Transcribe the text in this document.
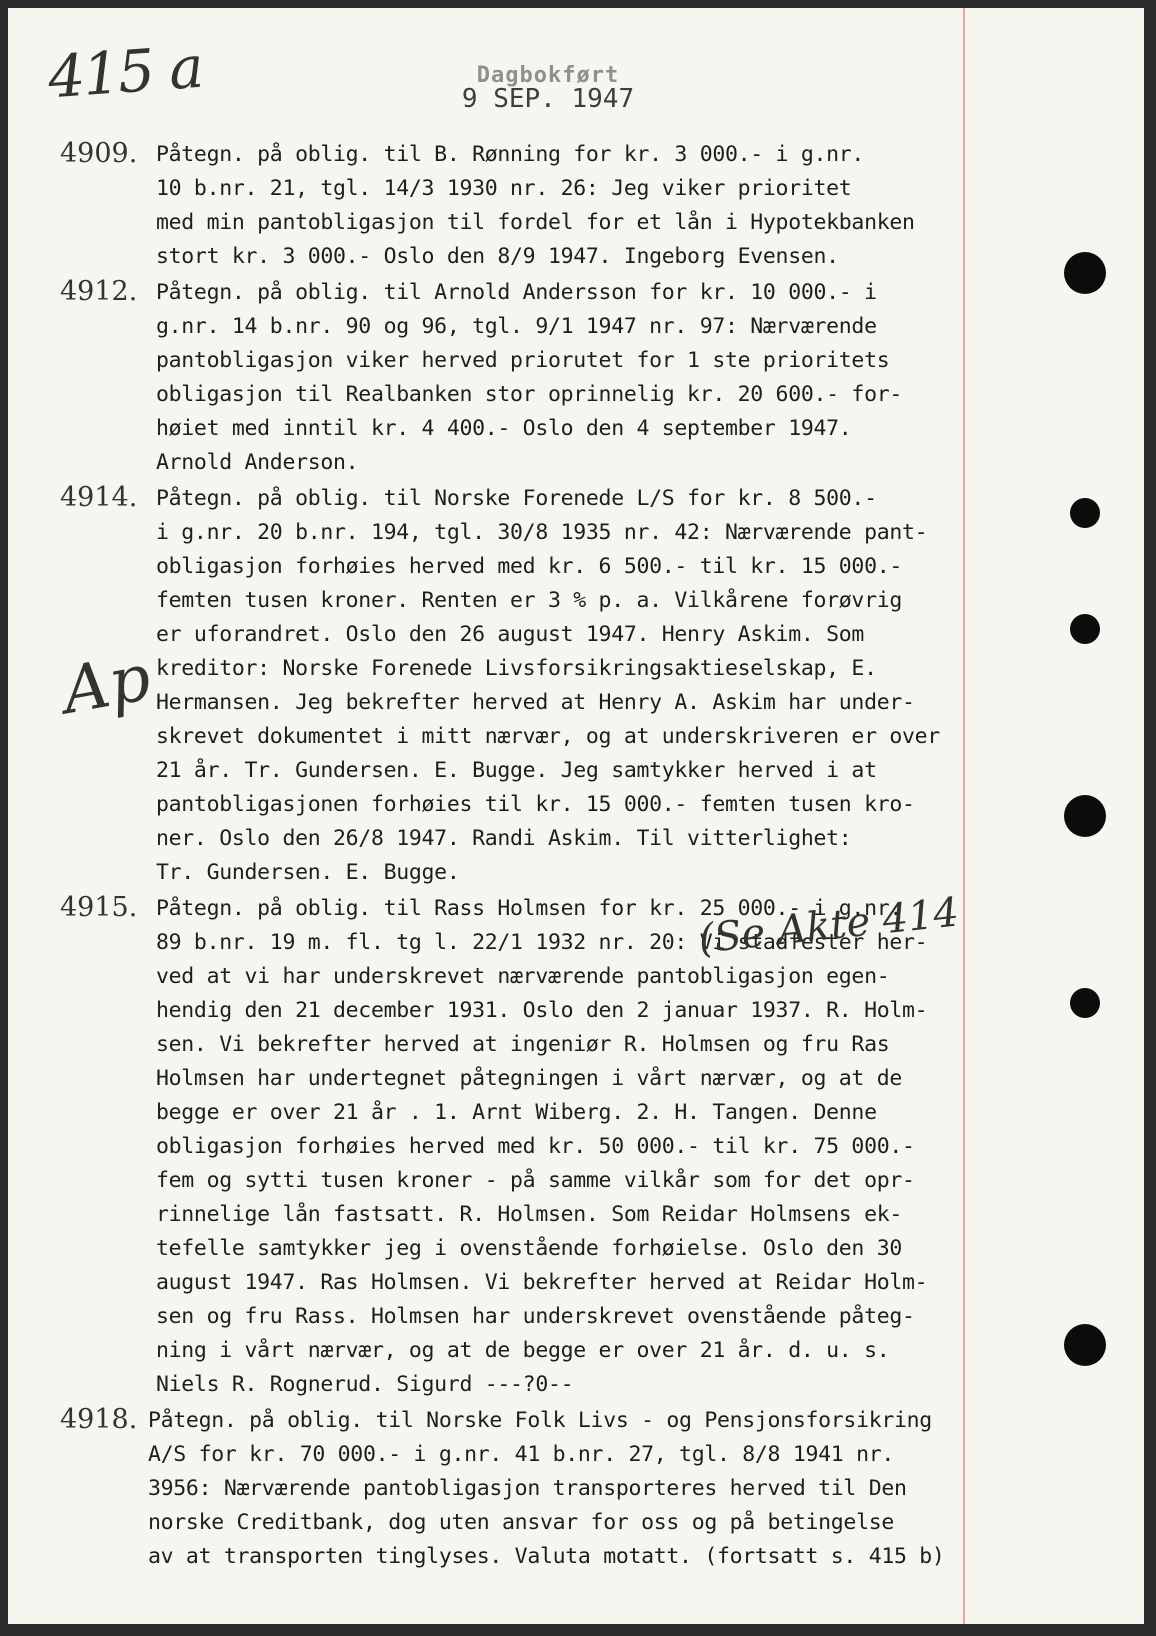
415 a	Dagbokført
9 SEP. 1947
4909. Påtegn. på oblig. til B. Rønning for kr. 3 000.- i g.nr.

10 b.nr. 21, tgl. 14/3 1930 nr. 26: Jeg viker prioritet

med min pantobligasjon til fordel for et lån i Hypotekbanken

stort kr. 3 000.- Oslo den 8/9 1947. Ingeborg Evensen.

4912. Påtegn. på oblig. til Arnold Andersson for kr. 10 000.- i

g.nr. 14 b.nr. 90 og 96, tgl. 9/1 1947 nr. 97: Nærværende

pantobligasjon viker herved priorutet for 1 ste prioritets

obligasjon til Realbanken stor oprinnelig kr. 20 600.- for-

høiet med inntil kr. 4 400.- Oslo den 4 september 1947.

Arnold Anderson.

4914. Påtegn. på oblig. til Norske Forenede L/S for kr. 8 500.-

i g.nr. 20 b.nr. 194, tgl. 30/8 1935 nr. 42: Nærværende pant-

obligasjon forhøies herved med kr. 6 500.- til kr. 15 000.-

femten tusen kroner. Renten er 3 % p. a. Vilkårene forøvrig

er uforandret. Oslo den 26 august 1947. Henry Askim. Som

kreditor: Norske Forenede Livsforsikringsaktieselskap, E.

Hermansen. Jeg bekrefter herved at Henry A. Askim har under-

skrevet dokumentet i mitt nærvær, og at underskriveren er over

21 år. Tr. Gundersen. E. Bugge. Jeg samtykker herved i at

pantobligasjonen forhøies til kr. 15 000.- femten tusen kro-

ner. Oslo den 26/8 1947. Randi Askim. Til vitterlighet:

Tr. Gundersen. E. Bugge.

4915. Påtegn. på oblig. til Rass Holmsen for kr. 25 000.- i g.nr.

89 b.nr. 19 m. fl. tg l. 22/1 1932 nr. 20: Vi stadfester her-

ved at vi har underskrevet nærværende pantobligasjon egen-

hendig den 21 december 1931. Oslo den 2 januar 1937. R. Holm-

sen. Vi bekrefter herved at ingeniør R. Holmsen og fru Ras

Holmsen har undertegnet påtegningen i vårt nærvær, og at de

begge er over 21 år . 1. Arnt Wiberg. 2. H. Tangen. Denne

obligasjon forhøies herved med kr. 50 000.- til kr. 75 000.-

fem og sytti tusen kroner - på samme vilkår som for det opr-

rinnelige lån fastsatt. R. Holmsen. Som Reidar Holmsens ek-

tefelle samtykker jeg i ovenstående forhøielse. Oslo den 30

august 1947. Ras Holmsen. Vi bekrefter herved at Reidar Holm-

sen og fru Rass. Holmsen har underskrevet ovenstående påteg-

ning i vårt nærvær, og at de begge er over 21 år. d. u. s.

Niels R. Rognerud. Sigurd ---?0--

4918. Påtegn. på oblig. til Norske Folk Livs - og Pensjonsforsikring

A/S for kr. 70 000.- i g.nr. 41 b.nr. 27, tgl. 8/8 1941 nr.

3956: Nærværende pantobligasjon transporteres herved til Den

norske Creditbank, dog uten ansvar for oss og på betingelse

av at transporten tinglyses. Valuta motatt. (fortsatt s. 415 b)

Ap
(Se Akte 414
